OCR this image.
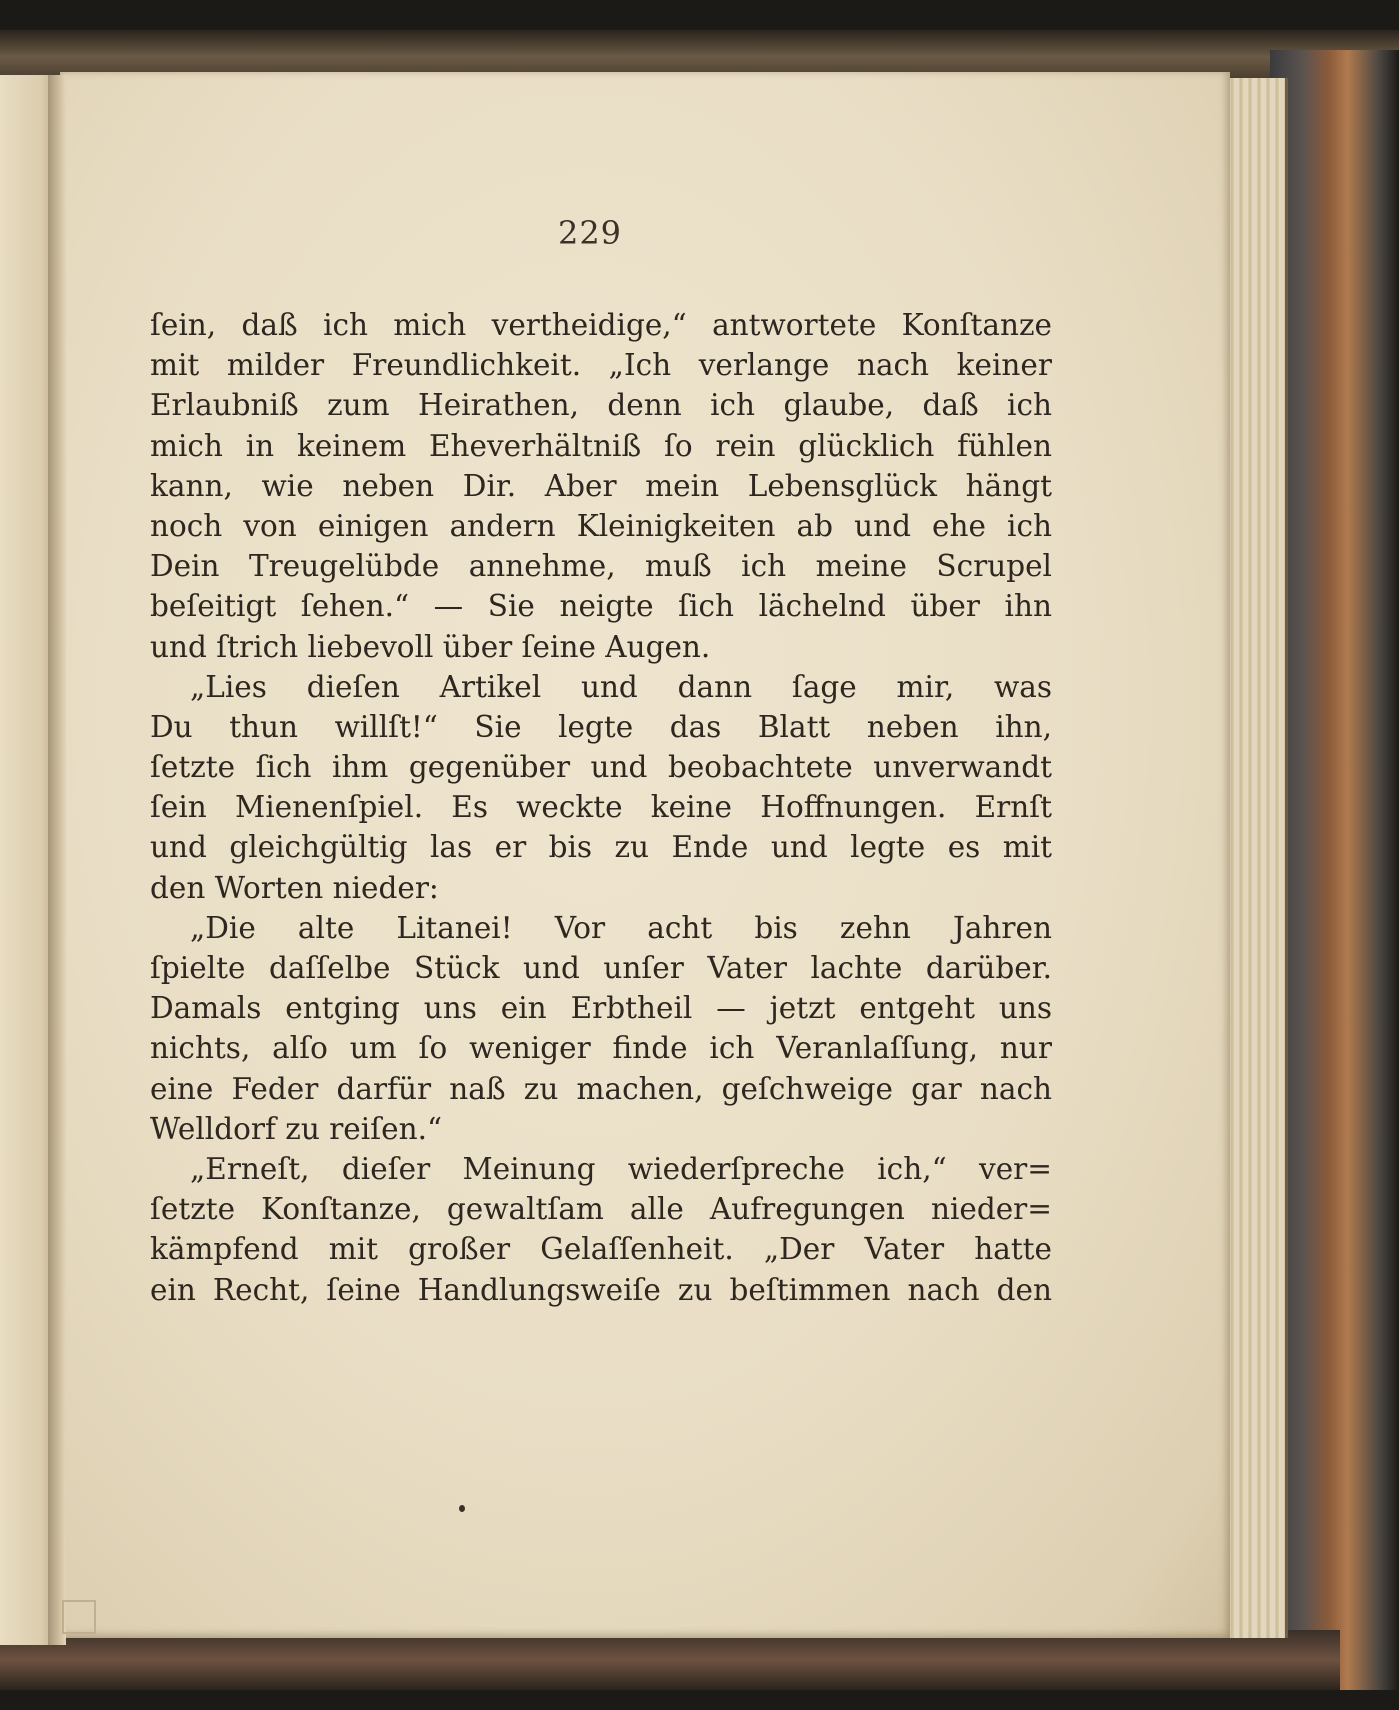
229
ſein, daß ich mich vertheidige,“ antwortete Konſtanze
mit milder Freundlichkeit. „Ich verlange nach keiner
Erlaubniß zum Heirathen, denn ich glaube, daß ich
mich in keinem Eheverhältniß ſo rein glücklich fühlen
kann, wie neben Dir. Aber mein Lebensglück hängt
noch von einigen andern Kleinigkeiten ab und ehe ich
Dein Treugelübde annehme, muß ich meine Scrupel
beſeitigt ſehen.“ — Sie neigte ſich lächelnd über ihn
und ſtrich liebevoll über ſeine Augen.
„Lies dieſen Artikel und dann ſage mir, was
Du thun willſt!“ Sie legte das Blatt neben ihn,
ſetzte ſich ihm gegenüber und beobachtete unverwandt
ſein Mienenſpiel. Es weckte keine Hoffnungen. Ernſt
und gleichgültig las er bis zu Ende und legte es mit
den Worten nieder:
„Die alte Litanei! Vor acht bis zehn Jahren
ſpielte daſſelbe Stück und unſer Vater lachte darüber.
Damals entging uns ein Erbtheil — jetzt entgeht uns
nichts, alſo um ſo weniger finde ich Veranlaſſung, nur
eine Feder darfür naß zu machen, geſchweige gar nach
Welldorf zu reiſen.“
„Erneſt, dieſer Meinung wiederſpreche ich,“ ver=
ſetzte Konſtanze, gewaltſam alle Aufregungen nieder=
kämpfend mit großer Gelaſſenheit. „Der Vater hatte
ein Recht, ſeine Handlungsweiſe zu beſtimmen nach den
